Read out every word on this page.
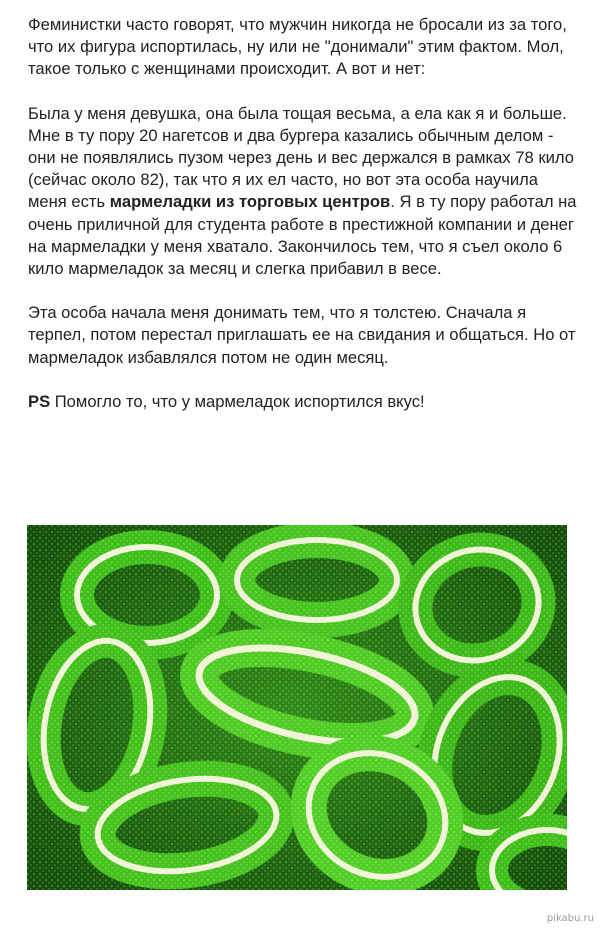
Феминистки часто говорят, что мужчин никогда не бросали из за того, что их фигура испортилась, ну или не "донимали" этим фактом. Мол, такое только с женщинами происходит. А вот и нет:

Была у меня девушка, она была тощая весьма, а ела как я и больше. Мне в ту пору 20 нагетсов и два бургера казались обычным делом - они не появлялись пузом через день и вес держался в рамках 78 кило (сейчас около 82), так что я их ел часто, но вот эта особа научила меня есть мармеладки из торговых центров. Я в ту пору работал на очень приличной для студента работе в престижной компании и денег на мармеладки у меня хватало. Закончилось тем, что я съел около 6 кило мармеладок за месяц и слегка прибавил в весе.

Эта особа начала меня донимать тем, что я толстею. Сначала я терпел, потом перестал приглашать ее на свидания и общаться. Но от мармеладок избавлялся потом не один месяц.

PS Помогло то, что у мармеладок испортился вкус!

pikabu.ru
